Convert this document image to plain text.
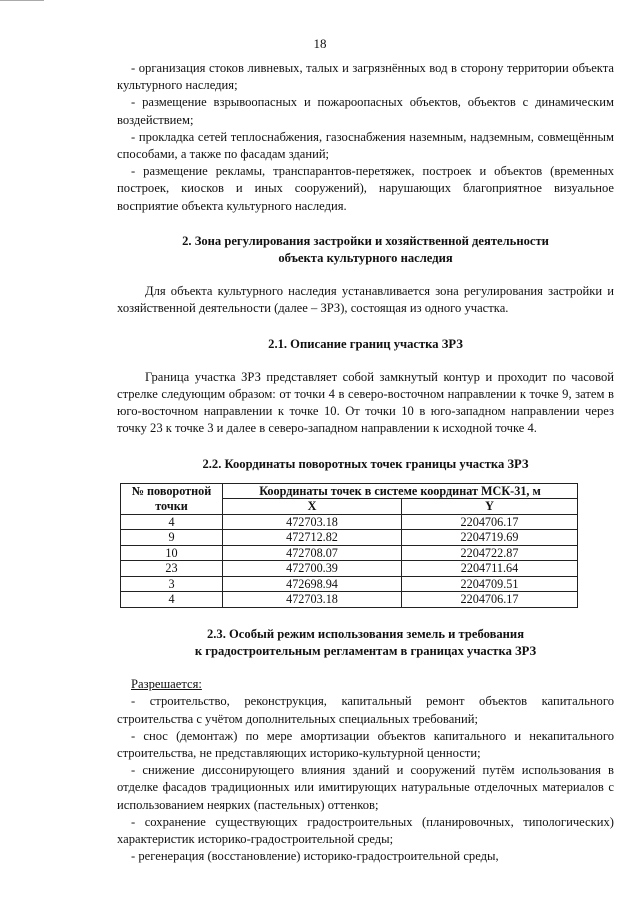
18

- организация стоков ливневых, талых и загрязнённых вод в сторону территории объекта культурного наследия;

- размещение взрывоопасных и пожароопасных объектов, объектов с динамическим воздействием;

- прокладка сетей теплоснабжения, газоснабжения наземным, надземным, совмещённым способами, а также по фасадам зданий;

- размещение рекламы, транспарантов-перетяжек, построек и объектов (временных построек, киосков и иных сооружений), нарушающих благоприятное визуальное восприятие объекта культурного наследия.

2. Зона регулирования застройки и хозяйственной деятельности
объекта культурного наследия

Для объекта культурного наследия устанавливается зона регулирования застройки и хозяйственной деятельности (далее – ЗРЗ), состоящая из одного участка.

2.1. Описание границ участка ЗРЗ

Граница участка ЗРЗ представляет собой замкнутый контур и проходит по часовой стрелке следующим образом: от точки 4 в северо-восточном направлении к точке 9, затем в юго-восточном направлении к точке 10. От точки 10 в юго-западном направлении через точку 23 к точке 3 и далее в северо-западном направлении к исходной точке 4.

2.2. Координаты поворотных точек границы участка ЗРЗ

№ поворотной
точки	Координаты точек в системе координат МСК-31, м	
	X	Y
4	472703.18	2204706.17
9	472712.82	2204719.69
10	472708.07	2204722.87
23	472700.39	2204711.64
3	472698.94	2204709.51
4	472703.18	2204706.17

2.3. Особый режим использования земель и требования
к градостроительным регламентам в границах участка ЗРЗ

Разрешается:

- строительство, реконструкция, капитальный ремонт объектов капитального строительства с учётом дополнительных специальных требований;

- снос (демонтаж) по мере амортизации объектов капитального и некапитального строительства, не представляющих историко-культурной ценности;

- снижение диссонирующего влияния зданий и сооружений путём использования в отделке фасадов традиционных или имитирующих натуральные отделочных материалов с использованием неярких (пастельных) оттенков;

- сохранение существующих градостроительных (планировочных, типологических) характеристик историко-градостроительной среды;

- регенерация (восстановление) историко-градостроительной среды,
